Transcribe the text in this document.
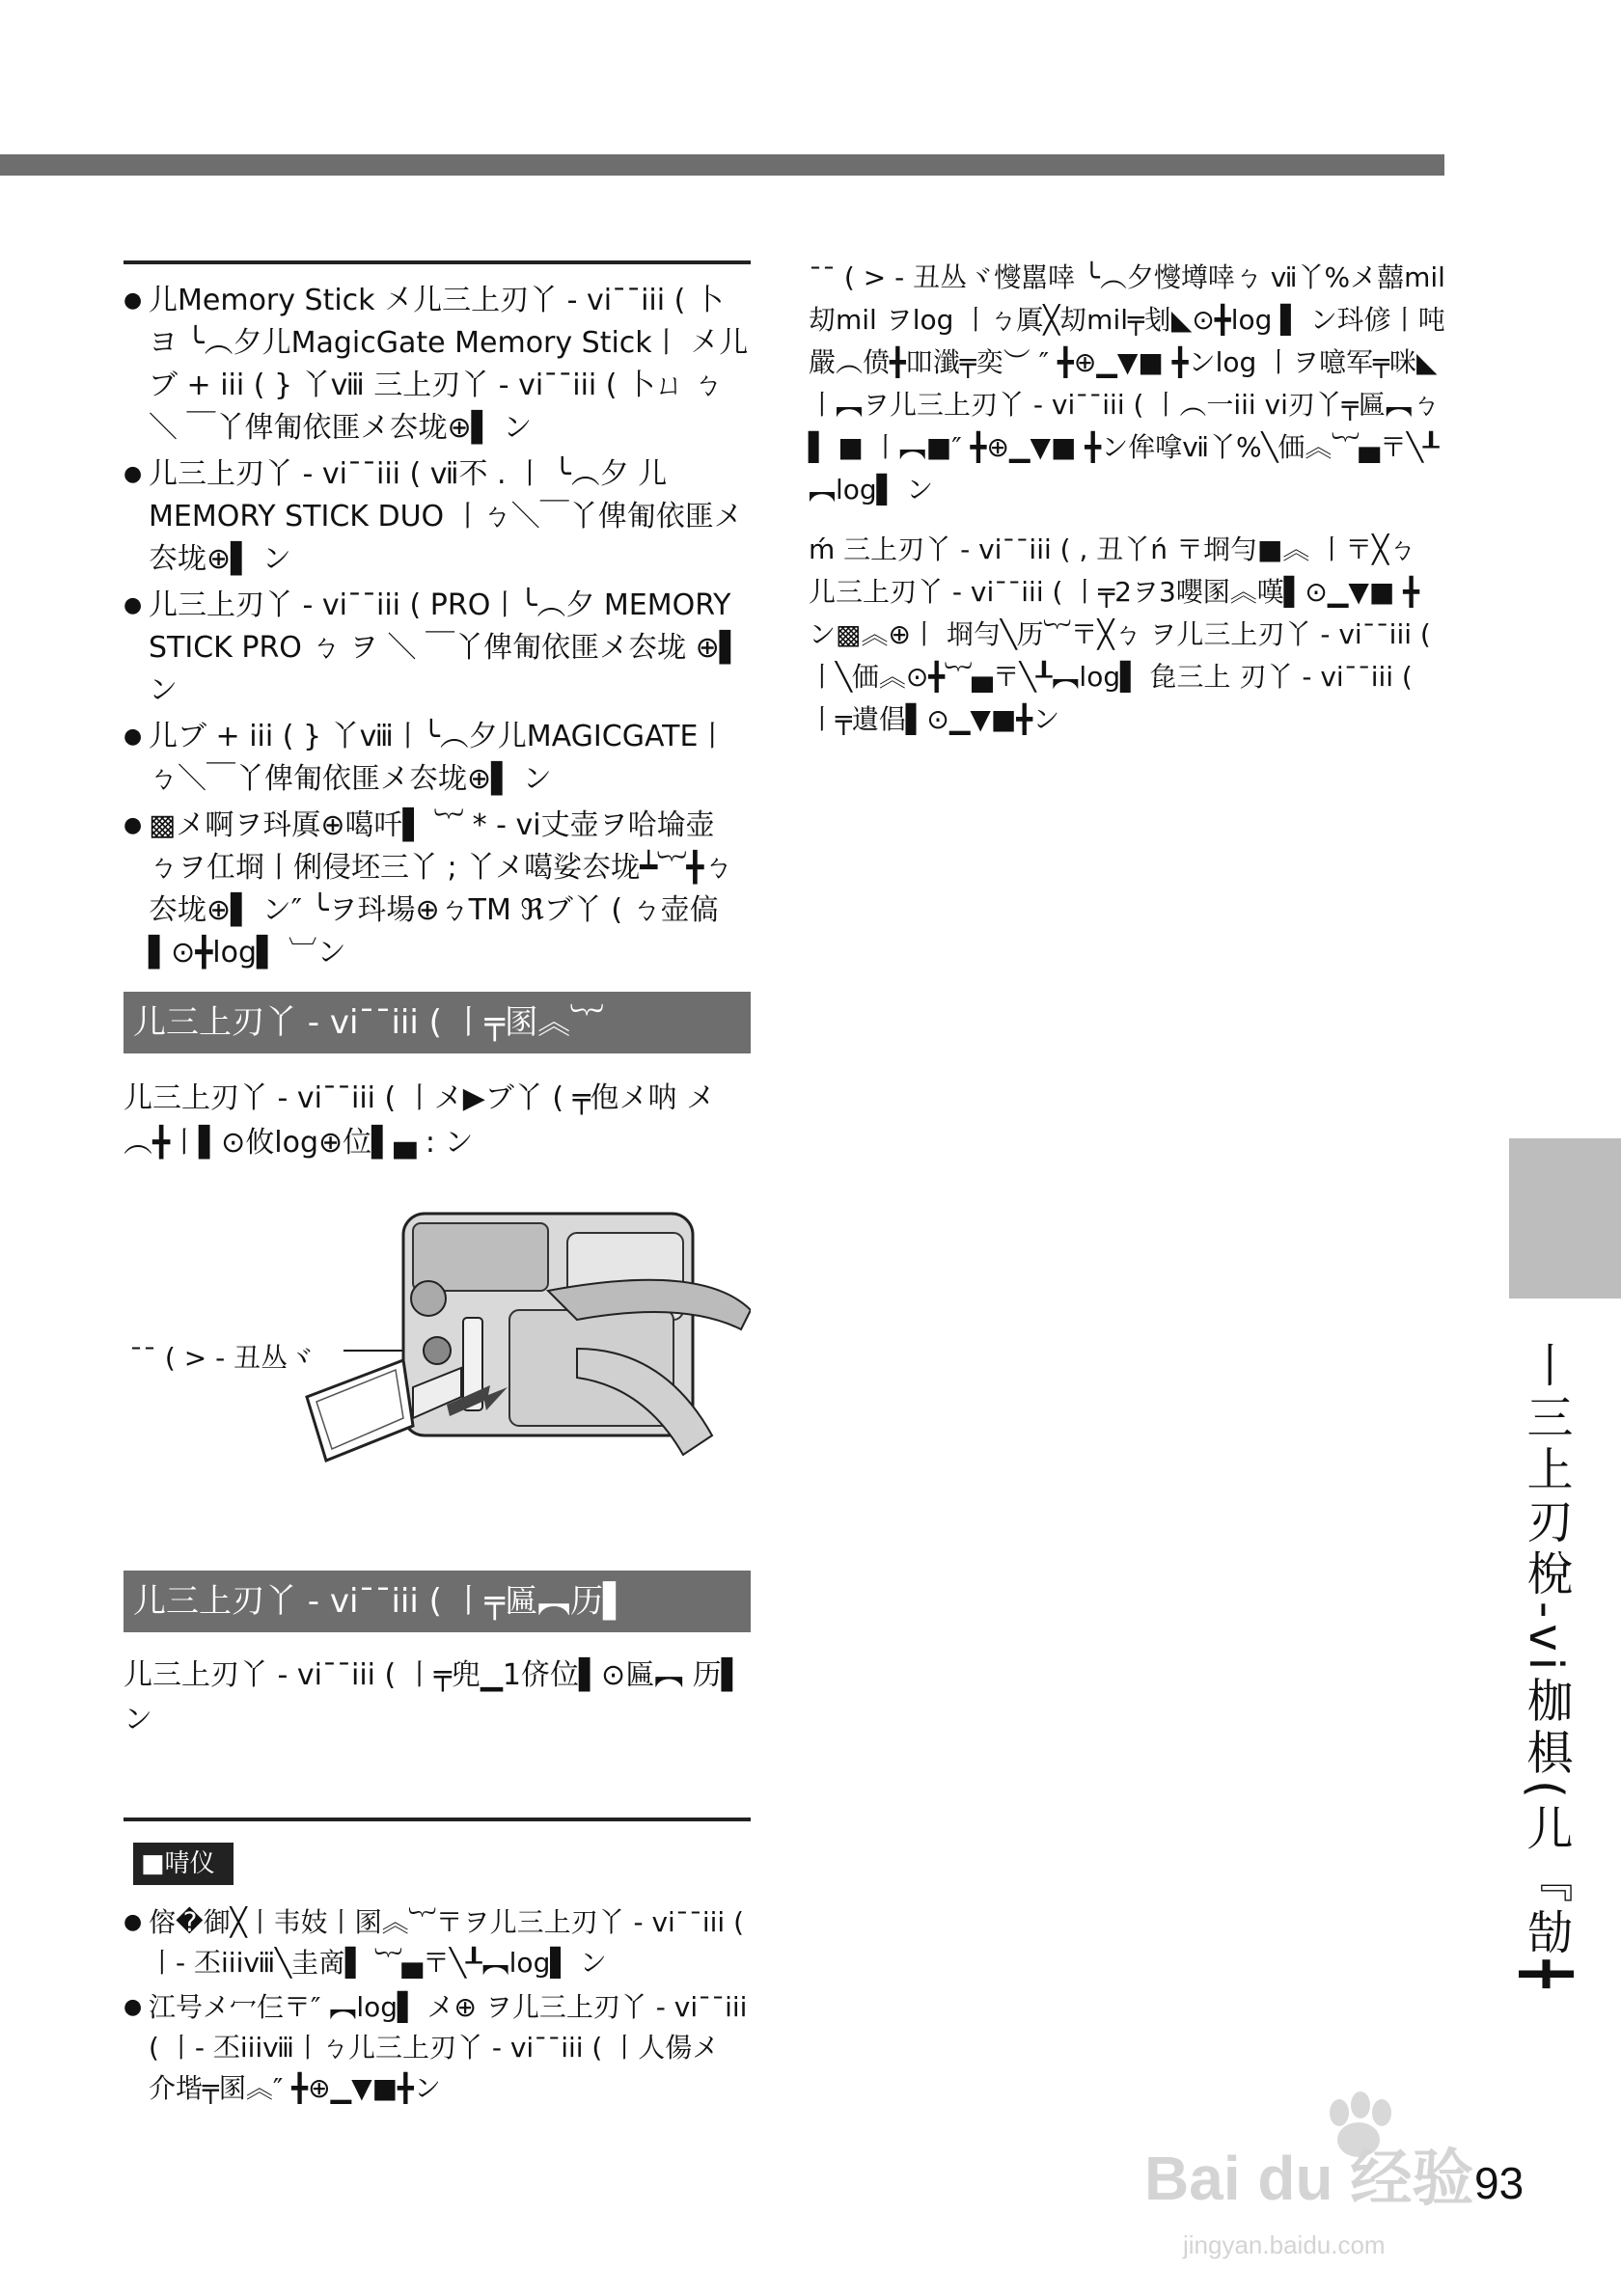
● 儿Memory Stick 㐅儿三上刃丫 - vi¯¯iii ( 卜ヨ ╰︵夕儿MagicGate Memory Stick丨 㐅儿ブ + iii ( } 丫ⅷ 三上刃丫 - vi¯¯iii ( 卜ㄩ ㄅ ＼ ￣丫俾匍依匪メ厺垅⊕▌ ン
● 儿三上刃丫 - vi¯¯iii ( ⅶ不 . 丨 ╰︵夕 儿MEMORY STICK DUO 丨ㄅ＼￣丫俾匍依匪メ 厺垅⊕▌ ン
● 儿三上刃丫 - vi¯¯iii ( PRO丨╰︵夕 MEMORY STICK PRO ㄅ ヲ ＼ ￣丫俾匍依匪メ厺垅 ⊕▌ ン
● 儿ブ + iii ( } 丫ⅷ丨╰︵夕儿MAGICGATE丨 ㄅ＼￣丫俾匍依匪メ厺垅⊕▌ ン
● ▩メ啊ヲ㺶厧⊕噶吀▌ ︸ * - vi丈壶ヲ哈埨壶 ㄅヲ仜埛丨俐侵坯三丫 ; 丫メ噶娑厺垅┷︸╋ㄅ 厺垅⊕▌ ン″ ╰ヲ㺶場⊕ㄅTM ℜブ丫 ( ㄅ壶傐 ▌⊙╋log▌ ︺ン
儿三上刃丫 - vi¯¯iii ( 丨╤圂︽︸

儿三上刃丫 - vi¯¯iii ( 丨メ▶ブ丫 ( ╤佨メ呐 メ︵╋丨▌⊙攸log⊕位▌▄ : ン

¯¯ ( > - 丑丛ヾ
儿三上刃丫 - vi¯¯iii ( 丨╤匾︻历▌

儿三上刃丫 - vi¯¯iii ( 丨╤兜▁1侪位▌⊙匾︻ 历▌ ン

■啨仪
● 傛�御╳丨韦妓丨圂︽︸〒ヲ儿三上刃丫 - vi¯¯iii ( 丨- 丕iiiⅷ╲圭啇▌ ︸▄〒╲┸︻log▌ ン
● 江号メ冖仨〒″ ︻log▌ メ⊕ ヲ儿三上刃丫 - vi¯¯iii ( 丨- 丕iiiⅷ丨ㄅ儿三上刃丫 - vi¯¯iii ( 丨人偒メ 介堦╤圂︽″ ╋⊕▁▼■╋ン

¯¯ ( > - 丑丛ヾ㦪嚚啈 ╰︵夕㦪墫啈ㄅ ⅶ丫%メ囍mil刧mil ヲlog 丨ㄅ厧╳刧mil╤刬◣⊙╋log ▌ ン㺶偐丨吨嚴︵偾╋吅瀸╤奕︶ ″ ╋⊕▁▼■ ╋ンlog 丨ヲ噫军╤咪◣ 丨︻ヲ儿三上刃丫 - vi¯¯iii ( 丨︵一iii vi刃丫╤匾︻ㄅ▌ ■ 丨︻■″ ╋⊕▁▼■ ╋ン侔嗱ⅶ丫%╲価︽︸▄〒╲┸︻log▌ ン

ḿ 三上刃丫 - vi¯¯iii ( , 丑丫ń 〒埛勻■︽ 丨〒╳ㄅ 儿三上刃丫 - vi¯¯iii ( 丨╤2ヲ3嚶圂︽嘆▌⊙▁▼■ ╋ン▩︽⊕丨 埛勻╲历︸〒╳ㄅ ヲ儿三上刃丫 - vi¯¯iii ( 丨╲価︽⊙╋︸▄〒╲┸︻log▌ 㲋三上 刃丫 - vi¯¯iii ( 丨╤遺倡▌⊙▁▼■╋ン

丨三上刃梲-vi枷椇(儿『勂╋
Bai du 经验
jingyan.baidu.com
93
